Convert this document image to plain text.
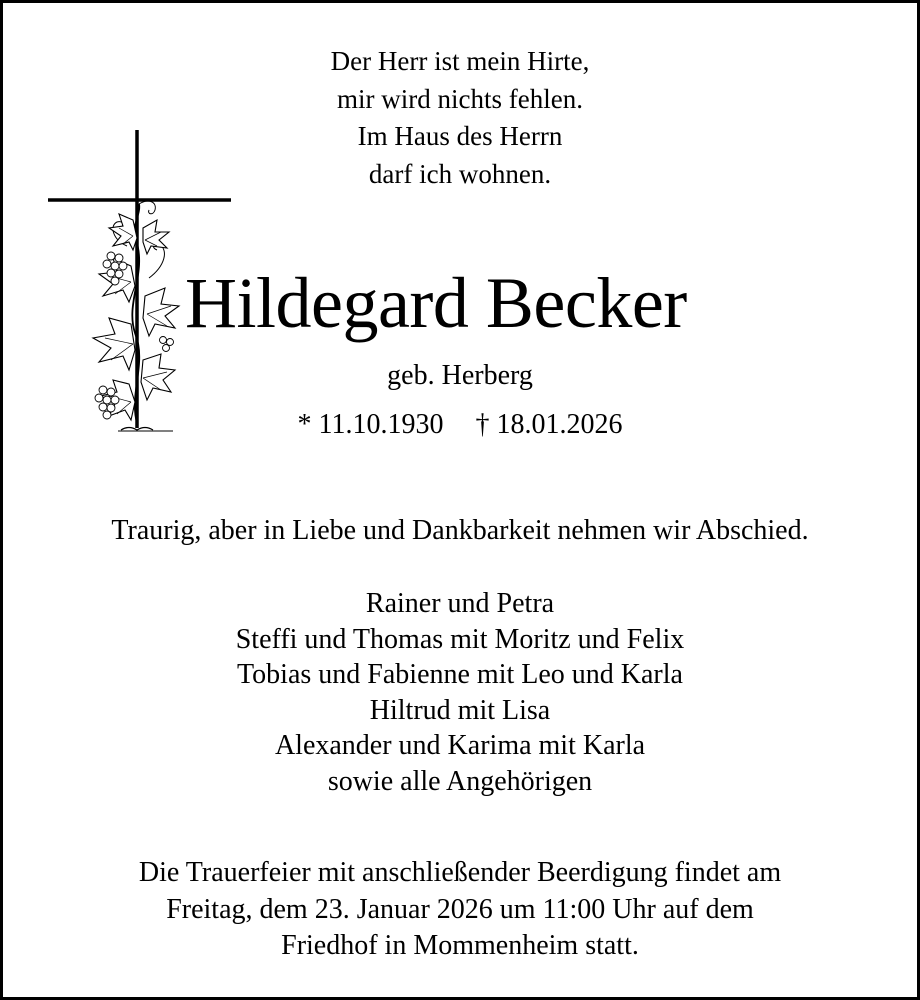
Der Herr ist mein Hirte,
mir wird nichts fehlen.
Im Haus des Herrn
darf ich wohnen.
Hildegard Becker
geb. Herberg
* 11.10.1930 † 18.01.2026
Traurig, aber in Liebe und Dankbarkeit nehmen wir Abschied.
Rainer und Petra
Steffi und Thomas mit Moritz und Felix
Tobias und Fabienne mit Leo und Karla
Hiltrud mit Lisa
Alexander und Karima mit Karla
sowie alle Angehörigen
Die Trauerfeier mit anschließender Beerdigung findet am
Freitag, dem 23. Januar 2026 um 11:00 Uhr auf dem
Friedhof in Mommenheim statt.
